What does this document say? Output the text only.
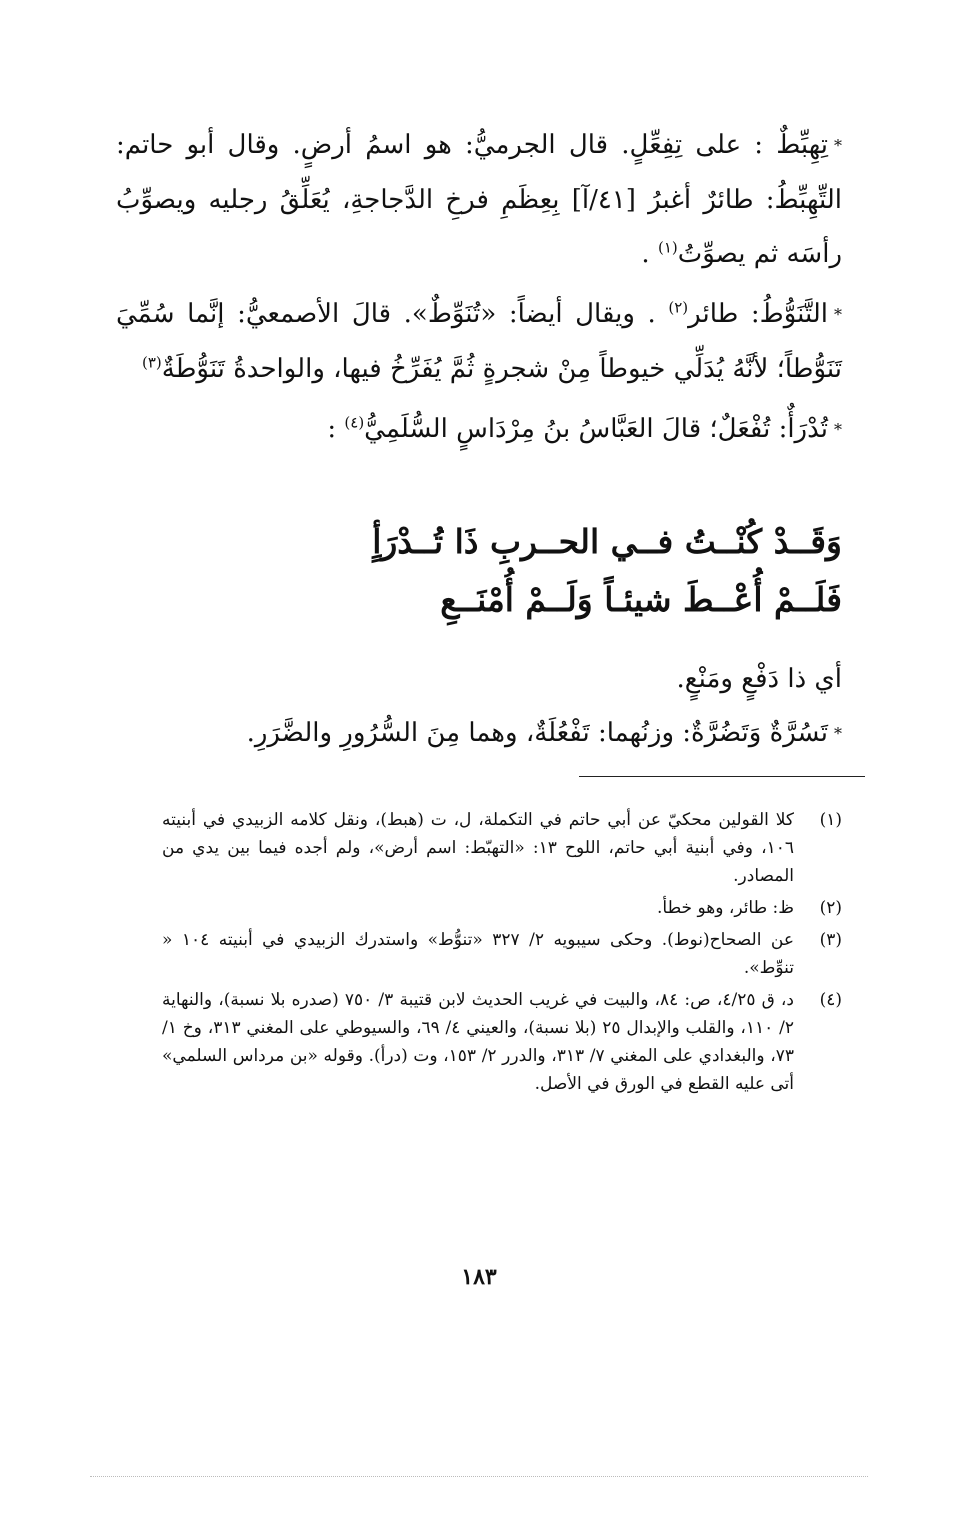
*تِهِبِّطٌ : على تِفِعِّلٍ. قال الجرميُّ: هو اسمُ أرضٍ. وقال أبو حاتم: التِّهِبِّطُ: طائرٌ أغبرُ [٤١/آ] بِعِظَمِ فرخِ الدَّجاجةِ، يُعَلِّقُ رجليه ويصوِّبُ رأسَه ثم يصوِّتُ$^{(١)}$ .

*التَّنَوُّطُ: طائر$^{(٢)}$ . ويقال أيضاً: «تُنَوِّطٌ». قالَ الأصمعيُّ: إنَّما سُمِّيَ تَنَوُّطاً؛ لأنَّهُ يُدَلِّي خيوطاً مِنْ شجرةٍ ثُمَّ يُفَرِّخُ فيها، والواحدةُ تَنَوُّطَةٌ$^{(٣)}$

*تُدْرَأٌ: تُفْعَلٌ؛ قالَ العَبَّاسُ بنُ مِرْدَاسٍ السُّلَمِيُّ$^{(٤)}$ :

وَقَــدْ كُنْــتُ فــي الحــربِ ذَا تُــدْرَأٍ
فَلَــمْ أُعْــطَ شيئـاً وَلَــمْ أُمْنَــعِ
أي ذا دَفْعٍ ومَنْعٍ.
*تَسُرَّةٌ وَتَضُرَّةٌ: وزنُهما: تَفْعُلَةٌ، وهما مِنَ السُّرُورِ والضَّرَرِ.
(١)
كلا القولين محكيّ عن أبي حاتم في التكملة، ل، ت (هبط)، ونقل كلامه الزبيدي في أبنيته ١٠٦، وفي أبنية أبي حاتم، اللوح ١٣: «التهبّط: اسم أرض»، ولم أجده فيما بين يدي من المصادر.
(٢)
ظ: طائر، وهو خطأ.
(٣)
عن الصحاح(نوط). وحكى سيبويه ٢/ ٣٢٧ «تنوُّط» واستدرك الزبيدي في أبنيته ١٠٤ « تنوِّط».
(٤)
د، ق ٤/٢٥، ص: ٨٤، والبيت في غريب الحديث لابن قتيبة ٣/ ٧٥٠ (صدره بلا نسبة)، والنهاية ٢/ ١١٠، والقلب والإبدال ٢٥ (بلا نسبة)، والعيني ٤/ ٦٩، والسيوطي على المغني ٣١٣، وخ ١/ ٧٣، والبغدادي على المغني ٧/ ٣١٣، والدرر ٢/ ١٥٣، وت (درأ). وقوله «بن مرداس السلمي» أتى عليه القطع في الورق في الأصل.
١٨٣
